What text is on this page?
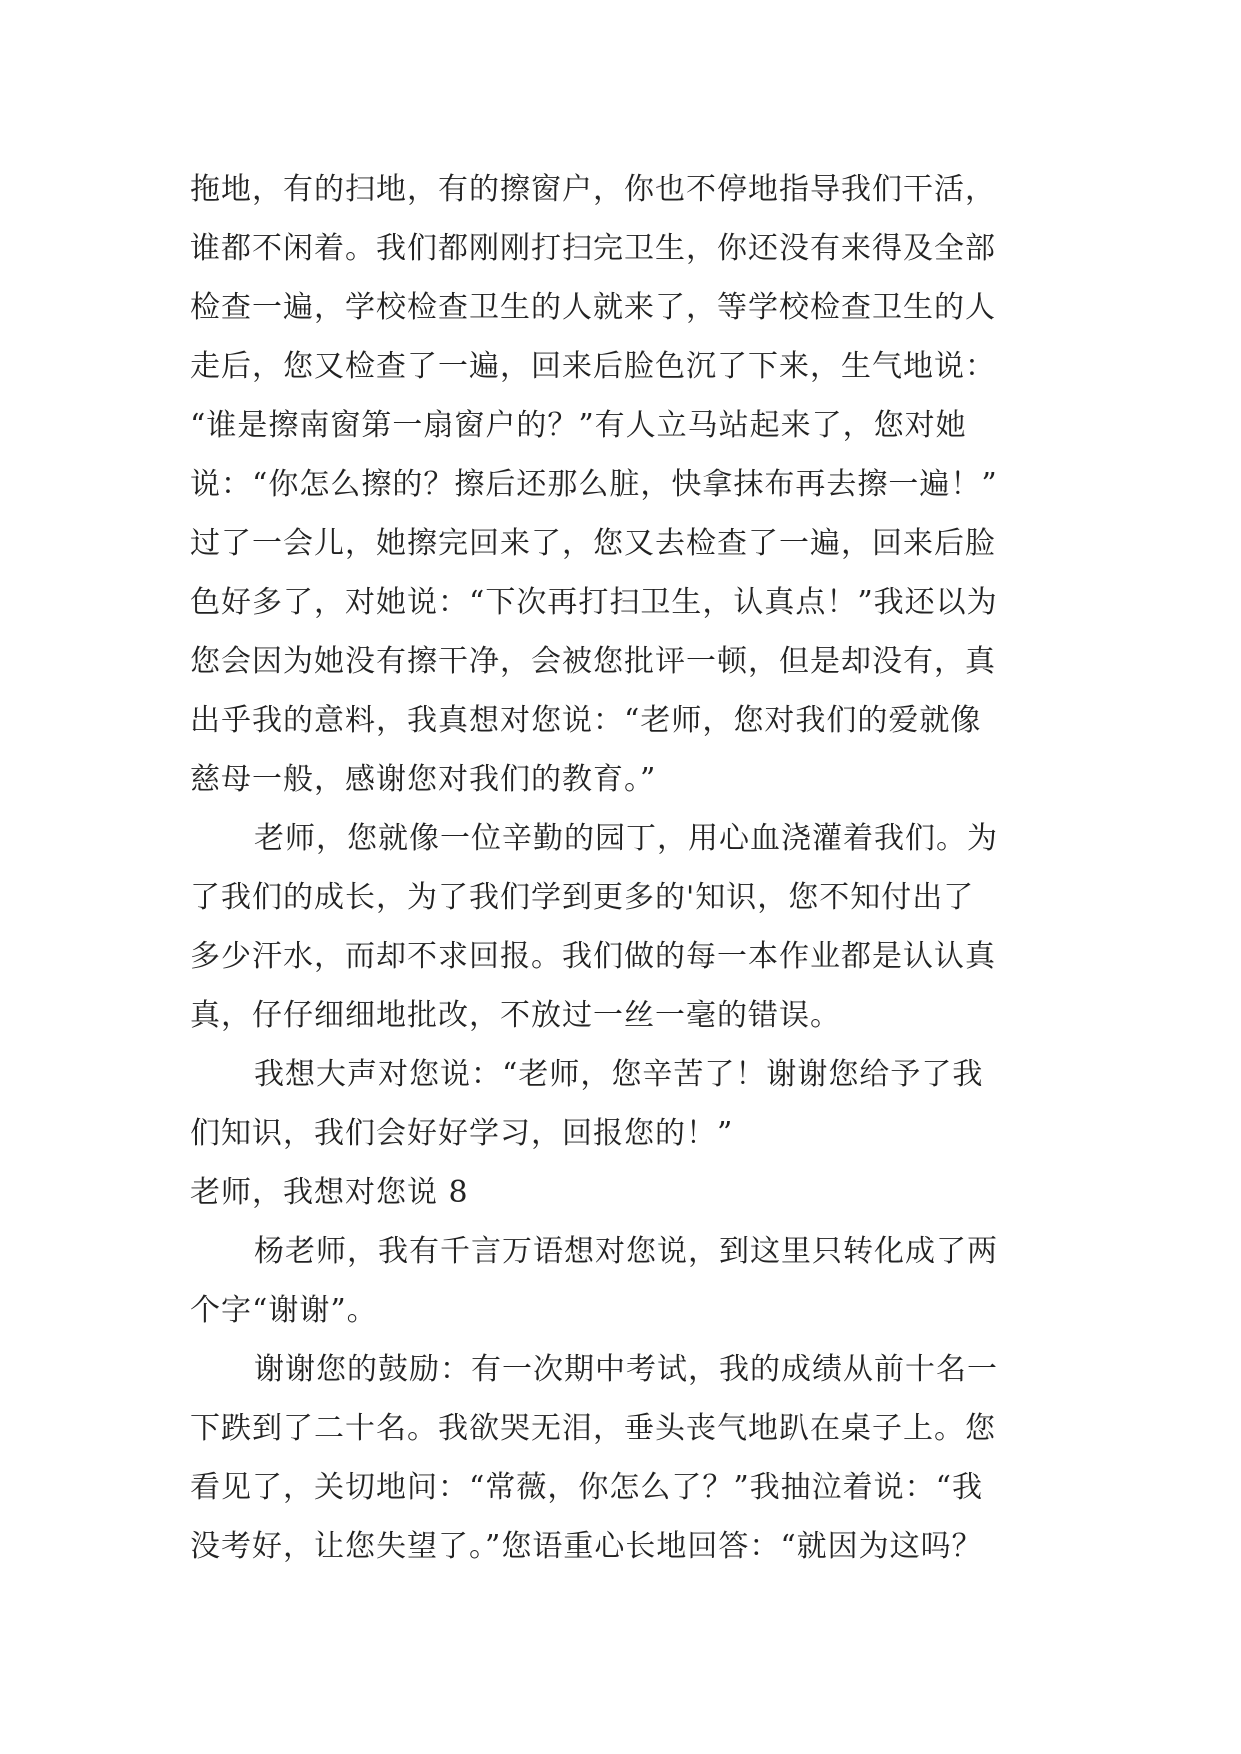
拖地，有的扫地，有的擦窗户，你也不停地指导我们干活，
谁都不闲着。我们都刚刚打扫完卫生，你还没有来得及全部
检查一遍，学校检查卫生的人就来了，等学校检查卫生的人
走后，您又检查了一遍，回来后脸色沉了下来，生气地说：
“谁是擦南窗第一扇窗户的？”有人立马站起来了，您对她
说：“你怎么擦的？擦后还那么脏，快拿抹布再去擦一遍！”
过了一会儿，她擦完回来了，您又去检查了一遍，回来后脸
色好多了，对她说：“下次再打扫卫生，认真点！”我还以为
您会因为她没有擦干净，会被您批评一顿，但是却没有，真
出乎我的意料，我真想对您说：“老师，您对我们的爱就像
慈母一般，感谢您对我们的教育。”
老师，您就像一位辛勤的园丁，用心血浇灌着我们。为
了我们的成长，为了我们学到更多的'知识，您不知付出了
多少汗水，而却不求回报。我们做的每一本作业都是认认真
真，仔仔细细地批改，不放过一丝一毫的错误。
我想大声对您说：“老师，您辛苦了！谢谢您给予了我
们知识，我们会好好学习，回报您的！”
老师，我想对您说 8
杨老师，我有千言万语想对您说，到这里只转化成了两
个字“谢谢”。
谢谢您的鼓励：有一次期中考试，我的成绩从前十名一
下跌到了二十名。我欲哭无泪，垂头丧气地趴在桌子上。您
看见了，关切地问：“常薇，你怎么了？”我抽泣着说：“我
没考好，让您失望了。”您语重心长地回答：“就因为这吗？
